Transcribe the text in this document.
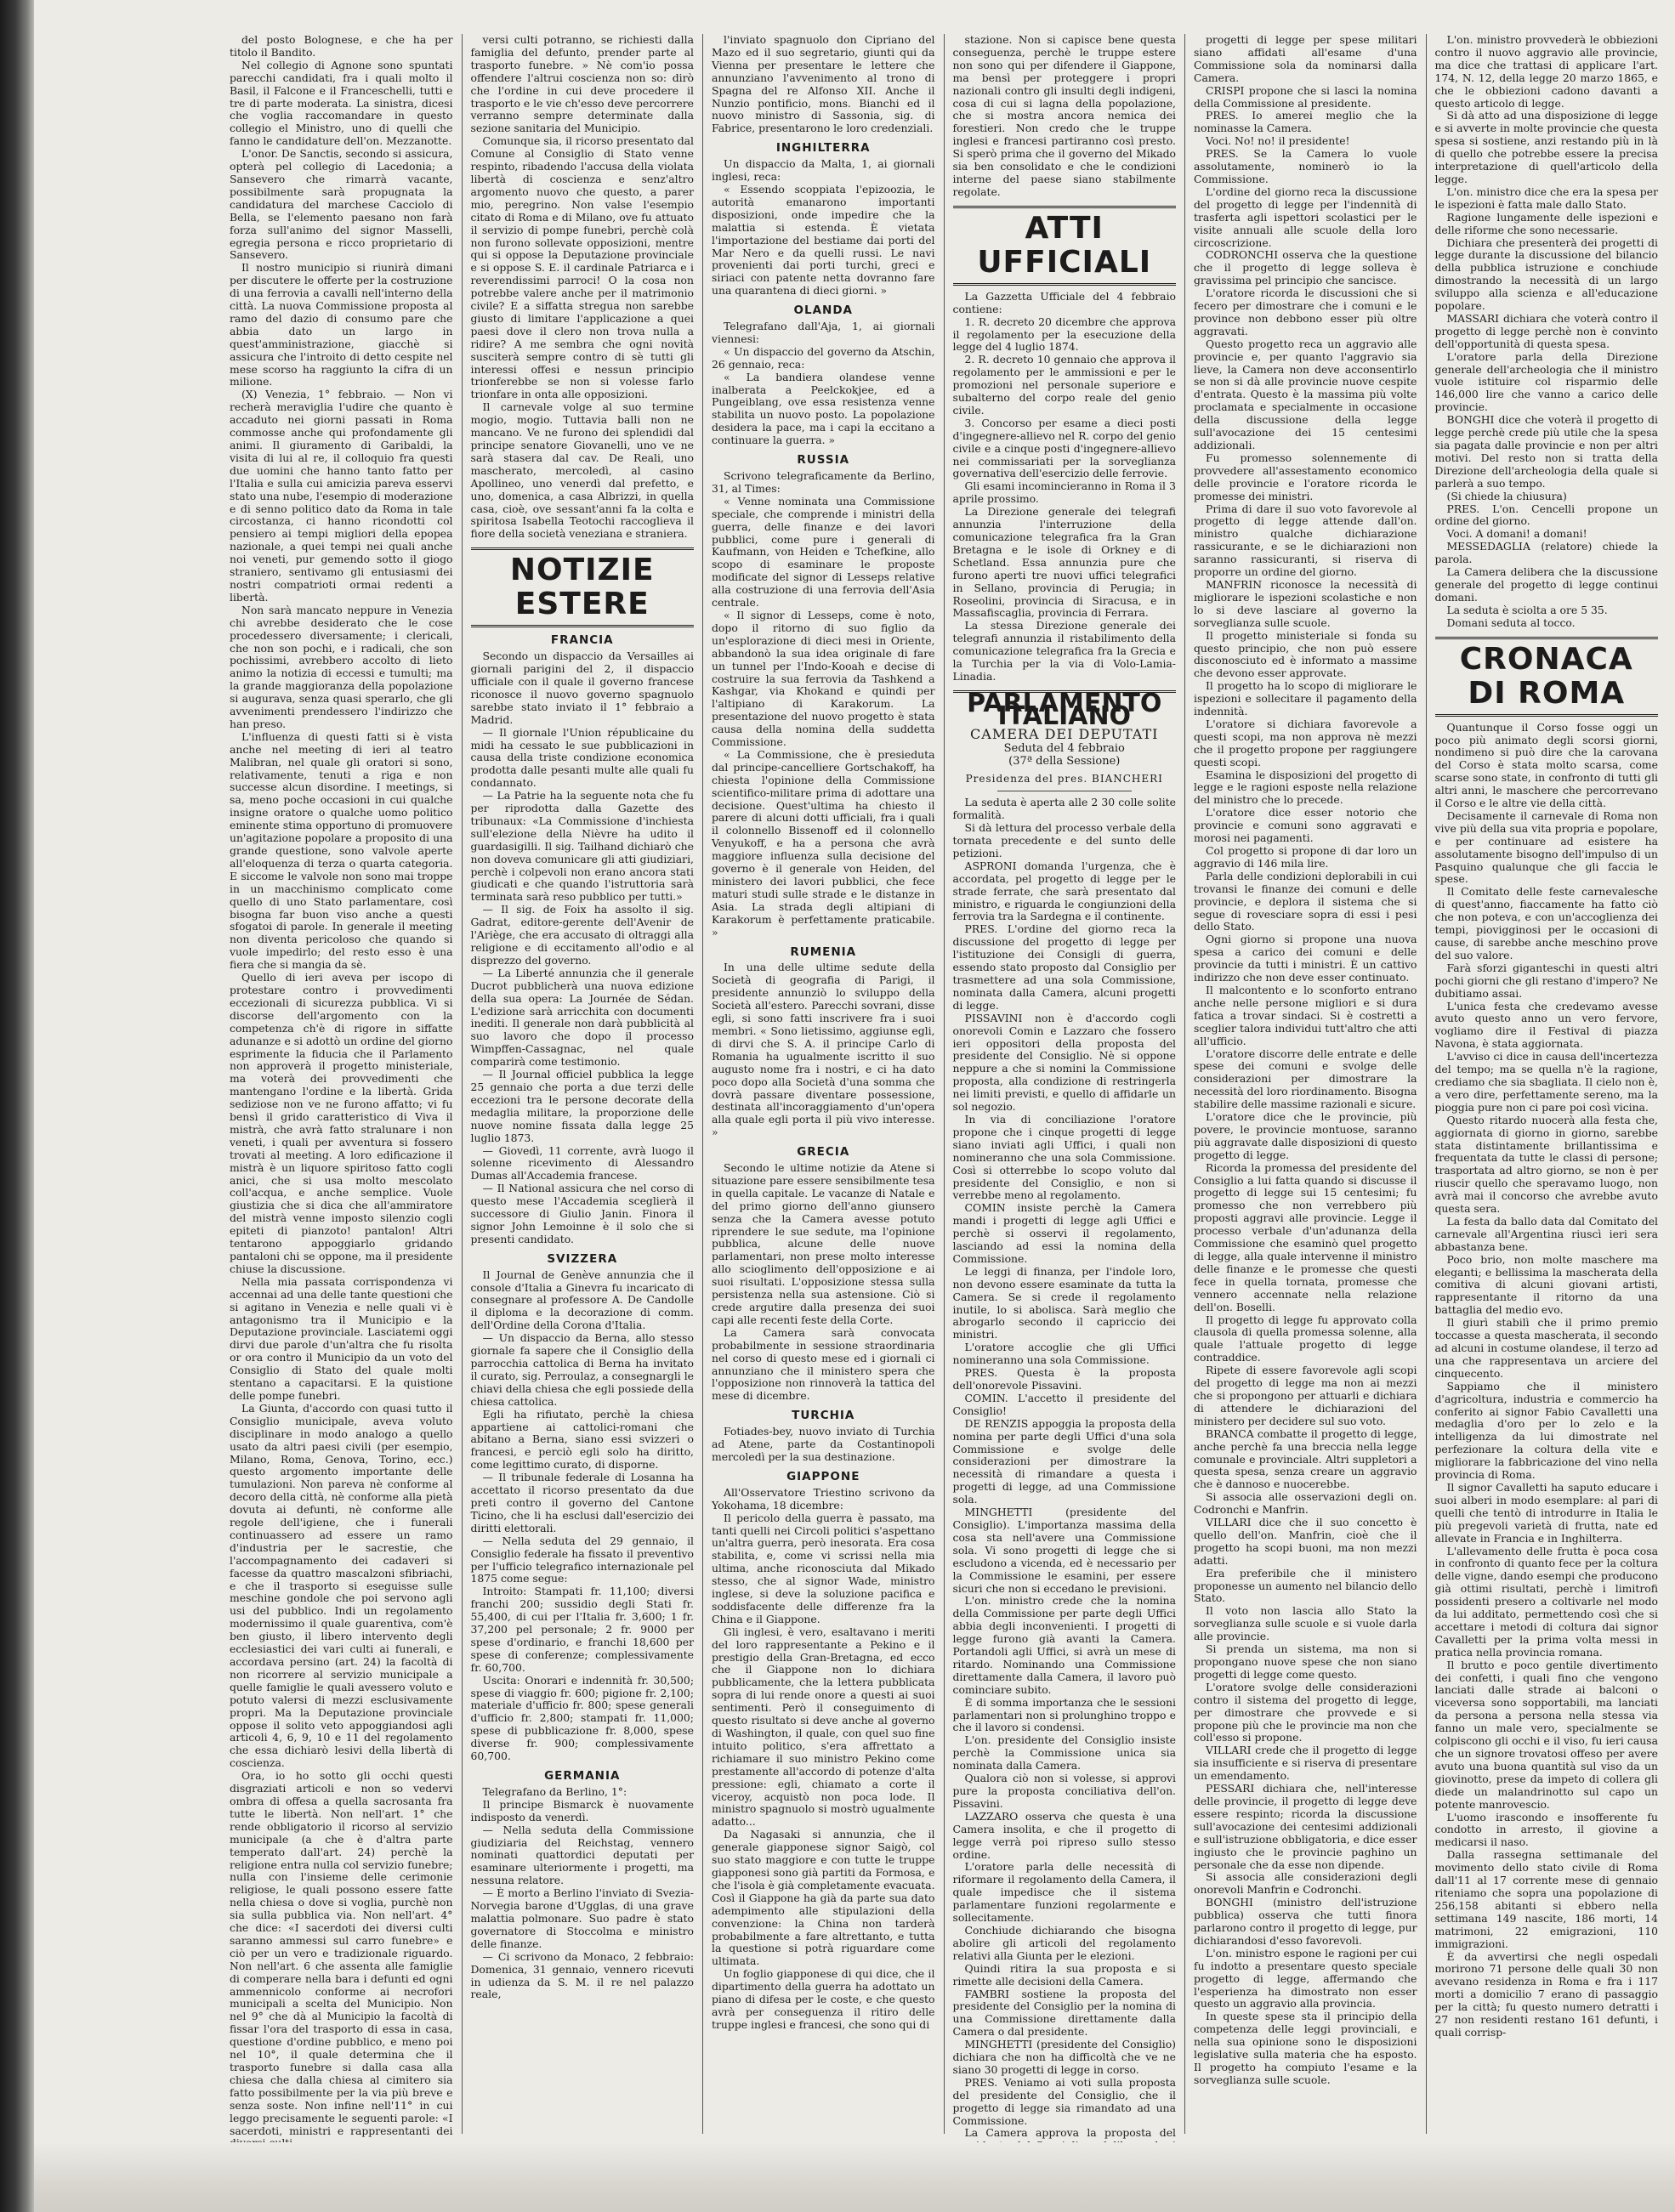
del posto Bolognese, e che ha per titolo il Bandito.

Nel collegio di Agnone sono spuntati parecchi candidati, fra i quali molto il Basil, il Falcone e il Franceschelli, tutti e tre di parte moderata. La sinistra, dicesi che voglia raccomandare in questo collegio el Ministro, uno di quelli che fanno le candidature dell'on. Mezzanotte.

L'onor. De Sanctis, secondo si assicura, opterà pel collegio di Lacedonia; a Sansevero che rimarrà vacante, possibilmente sarà propugnata la candidatura del marchese Cacciolo di Bella, se l'elemento paesano non farà forza sull'animo del signor Masselli, egregia persona e ricco proprietario di Sansevero.

Il nostro municipio si riunirà dimani per discutere le offerte per la costruzione di una ferrovia a cavalli nell'interno della città. La nuova Commissione proposta al ramo del dazio di consumo pare che abbia dato un largo in quest'amministrazione, giacchè si assicura che l'introito di detto cespite nel mese scorso ha raggiunto la cifra di un milione.

(X) Venezia, 1° febbraio. — Non vi recherà meraviglia l'udire che quanto è accaduto nei giorni passati in Roma commosse anche qui profondamente gli animi. Il giuramento di Garibaldi, la visita di lui al re, il colloquio fra questi due uomini che hanno tanto fatto per l'Italia e sulla cui amicizia pareva esservi stato una nube, l'esempio di moderazione e di senno politico dato da Roma in tale circostanza, ci hanno ricondotti col pensiero ai tempi migliori della epopea nazionale, a quei tempi nei quali anche noi veneti, pur gemendo sotto il giogo straniero, sentivamo gli entusiasmi dei nostri compatrioti ormai redenti a libertà.

Non sarà mancato neppure in Venezia chi avrebbe desiderato che le cose procedessero diversamente; i clericali, che non son pochi, e i radicali, che son pochissimi, avrebbero accolto di lieto animo la notizia di eccessi e tumulti; ma la grande maggioranza della popolazione si augurava, senza quasi sperarlo, che gli avvenimenti prendessero l'indirizzo che han preso.

L'influenza di questi fatti si è vista anche nel meeting di ieri al teatro Malibran, nel quale gli oratori si sono, relativamente, tenuti a riga e non successe alcun disordine. I meetings, si sa, meno poche occasioni in cui qualche insigne oratore o qualche uomo politico eminente stima opportuno di promuovere un'agitazione popolare a proposito di una grande questione, sono valvole aperte all'eloquenza di terza o quarta categoria. E siccome le valvole non sono mai troppe in un macchinismo complicato come quello di uno Stato parlamentare, così bisogna far buon viso anche a questi sfogatoi di parole. In generale il meeting non diventa pericoloso che quando si vuole impedirlo; del resto esso è una fiera che si mangia da sè.

Quello di ieri aveva per iscopo di protestare contro i provvedimenti eccezionali di sicurezza pubblica. Vi si discorse dell'argomento con la competenza ch'è di rigore in siffatte adunanze e si adottò un ordine del giorno esprimente la fiducia che il Parlamento non approverà il progetto ministeriale, ma voterà dei provvedimenti che mantengano l'ordine e la libertà. Grida sediziose non ve ne furono affatto; vi fu bensì il grido caratteristico di Viva il mistrà, che avrà fatto stralunare i non veneti, i quali per avventura si fossero trovati al meeting. A loro edificazione il mistrà è un liquore spiritoso fatto cogli anici, che si usa molto mescolato coll'acqua, e anche semplice. Vuole giustizia che si dica che all'ammiratore del mistrà venne imposto silenzio cogli epiteti di pianzoto! pantalon! Altri tentarono appoggiarlo gridando pantaloni chi se oppone, ma il presidente chiuse la discussione.

Nella mia passata corrispondenza vi accennai ad una delle tante questioni che si agitano in Venezia e nelle quali vi è antagonismo tra il Municipio e la Deputazione provinciale. Lasciatemi oggi dirvi due parole d'un'altra che fu risolta or ora contro il Municipio da un voto del Consiglio di Stato del quale molti stentano a capacitarsi. E la quistione delle pompe funebri.

La Giunta, d'accordo con quasi tutto il Consiglio municipale, aveva voluto disciplinare in modo analogo a quello usato da altri paesi civili (per esempio, Milano, Roma, Genova, Torino, ecc.) questo argomento importante delle tumulazioni. Non pareva nè conforme al decoro della città, nè conforme alla pietà dovuta ai defunti, nè conforme alle regole dell'igiene, che i funerali continuassero ad essere un ramo d'industria per le sacrestie, che l'accompagnamento dei cadaveri si facesse da quattro mascalzoni sfibriachi, e che il trasporto si eseguisse sulle meschine gondole che poi servono agli usi del pubblico. Indi un regolamento modernissimo il quale guarentiva, com'è ben giusto, il libero intervento degli ecclesiastici dei vari culti ai funerali, e accordava persino (art. 24) la facoltà di non ricorrere al servizio municipale a quelle famiglie le quali avessero voluto e potuto valersi di mezzi esclusivamente propri. Ma la Deputazione provinciale oppose il solito veto appoggiandosi agli articoli 4, 6, 9, 10 e 11 del regolamento che essa dichiarò lesivi della libertà di coscienza.

Ora, io ho sotto gli occhi questi disgraziati articoli e non so vedervi ombra di offesa a quella sacrosanta fra tutte le libertà. Non nell'art. 1° che rende obbligatorio il ricorso al servizio municipale (a che è d'altra parte temperato dall'art. 24) perchè la religione entra nulla col servizio funebre; nulla con l'insieme delle cerimonie religiose, le quali possono essere fatte nella chiesa o dove si voglia, purchè non sia sulla pubblica via. Non nell'art. 4° che dice: «I sacerdoti dei diversi culti saranno ammessi sul carro funebre» e ciò per un vero e tradizionale riguardo. Non nell'art. 6 che assenta alle famiglie di comperare nella bara i defunti ed ogni ammennicolo conforme ai necrofori municipali a scelta del Municipio. Non nel 9° che dà al Municipio la facoltà di fissar l'ora del trasporto di essa in casa, questione d'ordine pubblico, e meno poi nel 10°, il quale determina che il trasporto funebre si dalla casa alla chiesa che dalla chiesa al cimitero sia fatto possibilmente per la via più breve e senza soste. Non infine nell'11° in cui leggo precisamente le seguenti parole: «I sacerdoti, ministri e rappresentanti dei

versi culti potranno, se richiesti dalla famiglia del defunto, prender parte al trasporto funebre. » Nè com'io possa offendere l'altrui coscienza non so: dirò che l'ordine in cui deve procedere il trasporto e le vie ch'esso deve percorrere verranno sempre determinate dalla sezione sanitaria del Municipio.

Comunque sia, il ricorso presentato dal Comune al Consiglio di Stato venne respinto, ribadendo l'accusa della violata libertà di coscienza e senz'altro argomento nuovo che questo, a parer mio, peregrino. Non valse l'esempio citato di Roma e di Milano, ove fu attuato il servizio di pompe funebri, perchè colà non furono sollevate opposizioni, mentre qui si oppose la Deputazione provinciale e si oppose S. E. il cardinale Patriarca e i reverendissimi parroci! O la cosa non potrebbe valere anche per il matrimonio civile? E a siffatta stregua non sarebbe giusto di limitare l'applicazione a quei paesi dove il clero non trova nulla a ridire? A me sembra che ogni novità susciterà sempre contro di sè tutti gli interessi offesi e nessun principio trionferebbe se non si volesse farlo trionfare in onta alle opposizioni.

Il carnevale volge al suo termine mogio, mogio. Tuttavia balli non ne mancano. Ve ne furono dei splendidi dal principe senatore Giovanelli, uno ve ne sarà stasera dal cav. De Reali, uno mascherato, mercoledì, al casino Apollineo, uno venerdì dal prefetto, e uno, domenica, a casa Albrizzi, in quella casa, cioè, ove sessant'anni fa la colta e spiritosa Isabella Teotochi raccoglieva il fiore della società veneziana e straniera.

NOTIZIE ESTERE
FRANCIA

Secondo un dispaccio da Versailles ai giornali parigini del 2, il dispaccio ufficiale con il quale il governo francese riconosce il nuovo governo spagnuolo sarebbe stato inviato il 1° febbraio a Madrid.

— Il giornale l'Union républicaine du midi ha cessato le sue pubblicazioni in causa della triste condizione economica prodotta dalle pesanti multe alle quali fu condannato.

— La Patrie ha la seguente nota che fu per riprodotta dalla Gazette des tribunaux: «La Commissione d'inchiesta sull'elezione della Nièvre ha udito il guardasigilli. Il sig. Tailhand dichiarò che non doveva comunicare gli atti giudiziari, perchè i colpevoli non erano ancora stati giudicati e che quando l'istruttoria sarà terminata sarà reso pubblico per tutti.»

— Il sig. de Foix ha assolto il sig. Gadrat, editore-gerente dell'Avenir de l'Ariège, che era accusato di oltraggi alla religione e di eccitamento all'odio e al disprezzo del governo.

— La Liberté annunzia che il generale Ducrot pubblicherà una nuova edizione della sua opera: La Journée de Sédan. L'edizione sarà arricchita con documenti inediti. Il generale non darà pubblicità al suo lavoro che dopo il processo Wimpffen-Cassagnac, nel quale comparirà come testimonio.

— Il Journal officiel pubblica la legge 25 gennaio che porta a due terzi delle eccezioni tra le persone decorate della medaglia militare, la proporzione delle nuove nomine fissata dalla legge 25 luglio 1873.

— Giovedì, 11 corrente, avrà luogo il solenne ricevimento di Alessandro Dumas all'Accademia francese.

— Il National assicura che nel corso di questo mese l'Accademia sceglierà il successore di Giulio Janin. Finora il signor John Lemoinne è il solo che si presenti candidato.

SVIZZERA

Il Journal de Genève annunzia che il console d'Italia a Ginevra fu incaricato di consegnare al professore A. De Candolle il diploma e la decorazione di comm. dell'Ordine della Corona d'Italia.

— Un dispaccio da Berna, allo stesso giornale fa sapere che il Consiglio della parrocchia cattolica di Berna ha invitato il curato, sig. Perroulaz, a consegnargli le chiavi della chiesa che egli possiede della chiesa cattolica.

Egli ha rifiutato, perchè la chiesa appartiene ai cattolici-romani che abitano a Berna, siano essi svizzeri o francesi, e perciò egli solo ha diritto, come legittimo curato, di disporne.

— Il tribunale federale di Losanna ha accettato il ricorso presentato da due preti contro il governo del Cantone Ticino, che li ha esclusi dall'esercizio dei diritti elettorali.

— Nella seduta del 29 gennaio, il Consiglio federale ha fissato il preventivo per l'ufficio telegrafico internazionale pel 1875 come segue:

Introito: Stampati fr. 11,100; diversi franchi 200; sussidio degli Stati fr. 55,400, di cui per l'Italia fr. 3,600; 1 fr. 37,200 pel personale; 2 fr. 9000 per spese d'ordinario, e franchi 18,600 per spese di conferenze; complessivamente fr. 60,700.

Uscita: Onorari e indennità fr. 30,500; spese di viaggio fr. 600; pigione fr. 2,100; materiale d'ufficio fr. 800; spese generali d'ufficio fr. 2,800; stampati fr. 11,000; spese di pubblicazione fr. 8,000, spese diverse fr. 900; complessivamente 60,700.

GERMANIA

Telegrafano da Berlino, 1°:

Il principe Bismarck è nuovamente indisposto da venerdì.

— Nella seduta della Commissione giudiziaria del Reichstag, vennero nominati quattordici deputati per esaminare ulteriormente i progetti, ma nessuna relatore.

— È morto a Berlino l'inviato di Svezia-Norvegia barone d'Ugglas, di una grave malattia polmonare. Suo padre è stato governatore di Stoccolma e ministro delle finanze.

— Ci scrivono da Monaco, 2 febbraio: Domenica, 31 gennaio, vennero ricevuti in udienza da S. M. il re nel palazzo reale,

l'inviato spagnuolo don Cipriano del Mazo ed il suo segretario, giunti qui da Vienna per presentare le lettere che annunziano l'avvenimento al trono di Spagna del re Alfonso XII. Anche il Nunzio pontificio, mons. Bianchi ed il nuovo ministro di Sassonia, sig. di Fabrice, presentarono le loro credenziali.

INGHILTERRA

Un dispaccio da Malta, 1, ai giornali inglesi, reca:

« Essendo scoppiata l'epizoozia, le autorità emanarono importanti disposizioni, onde impedire che la malattia si estenda. È vietata l'importazione del bestiame dai porti del Mar Nero e da quelli russi. Le navi provenienti dai porti turchi, greci e siriaci con patente netta dovranno fare una quarantena di dieci giorni. »

OLANDA

Telegrafano dall'Aja, 1, ai giornali viennesi:

« Un dispaccio del governo da Atschin, 26 gennaio, reca:

« La bandiera olandese venne inalberata a Peelckokjee, ed a Pungeiblang, ove essa resistenza venne stabilita un nuovo posto. La popolazione desidera la pace, ma i capi la eccitano a continuare la guerra. »

RUSSIA

Scrivono telegraficamente da Berlino, 31, al Times:

« Venne nominata una Commissione speciale, che comprende i ministri della guerra, delle finanze e dei lavori pubblici, come pure i generali di Kaufmann, von Heiden e Tchefkine, allo scopo di esaminare le proposte modificate del signor di Lesseps relative alla costruzione di una ferrovia dell'Asia centrale.

« Il signor di Lesseps, come è noto, dopo il ritorno di suo figlio da un'esplorazione di dieci mesi in Oriente, abbandonò la sua idea originale di fare un tunnel per l'Indo-Kooah e decise di costruire la sua ferrovia da Tashkend a Kashgar, via Khokand e quindi per l'altipiano di Karakorum. La presentazione del nuovo progetto è stata causa della nomina della suddetta Commissione.

« La Commissione, che è presieduta dal principe-cancelliere Gortschakoff, ha chiesta l'opinione della Commissione scientifico-militare prima di adottare una decisione. Quest'ultima ha chiesto il parere di alcuni dotti ufficiali, fra i quali il colonnello Bissenoff ed il colonnello Venyukoff, e ha a persona che avrà maggiore influenza sulla decisione del governo è il generale von Heiden, del ministero dei lavori pubblici, che fece maturi studi sulle strade e le distanze in Asia. La strada degli altipiani di Karakorum è perfettamente praticabile. »

RUMENIA

In una delle ultime sedute della Società di geografia di Parigi, il presidente annunziò lo sviluppo della Società all'estero. Parecchi sovrani, disse egli, si sono fatti inscrivere fra i suoi membri. « Sono lietissimo, aggiunse egli, di dirvi che S. A. il principe Carlo di Romania ha ugualmente iscritto il suo augusto nome fra i nostri, e ci ha dato poco dopo alla Società d'una somma che dovrà passare diventare possessione, destinata all'incoraggiamento d'un'opera alla quale egli porta il più vivo interesse. »

GRECIA

Secondo le ultime notizie da Atene si situazione pare essere sensibilmente tesa in quella capitale. Le vacanze di Natale e del primo giorno dell'anno giunsero senza che la Camera avesse potuto riprendere le sue sedute, ma l'opinione pubblica, alcune delle nuove parlamentari, non prese molto interesse allo scioglimento dell'opposizione e ai suoi risultati. L'opposizione stessa sulla persistenza nella sua astensione. Ciò si crede argutire dalla presenza dei suoi capi alle recenti feste della Corte.

La Camera sarà convocata probabilmente in sessione straordinaria nel corso di questo mese ed i giornali ci annunziano che il ministero spera che l'opposizione non rinnoverà la tattica del mese di dicembre.

TURCHIA

Fotiades-bey, nuovo inviato di Turchia ad Atene, parte da Costantinopoli mercoledì per la sua destinazione.

GIAPPONE

All'Osservatore Triestino scrivono da Yokohama, 18 dicembre:

Il pericolo della guerra è passato, ma tanti quelli nei Circoli politici s'aspettano un'altra guerra, però inesorata. Era cosa stabilita, e, come vi scrissi nella mia ultima, anche riconosciuta dal Mikado stesso, che al signor Wade, ministro inglese, si deve la soluzione pacifica e soddisfacente delle differenze fra la China e il Giappone.

Gli inglesi, è vero, esaltavano i meriti del loro rappresentante a Pekino e il prestigio della Gran-Bretagna, ed ecco che il Giappone non lo dichiara pubblicamente, che la lettera pubblicata sopra di lui rende onore a questi ai suoi sentimenti. Però il conseguimento di questo risultato si deve anche al governo di Washington, il quale, con quel suo fine intuito politico, s'era affrettato a richiamare il suo ministro Pekino come prestamente all'accordo di potenze d'alta pressione: egli, chiamato a corte il viceroy, acquistò non poca lode. Il ministro spagnuolo si mostrò ugualmente adatto...

Da Nagasaki si annunzia, che il generale giapponese signor Saigò, col suo stato maggiore e con tutte le truppe giapponesi sono già partiti da Formosa, e che l'isola è già completamente evacuata. Così il Giappone ha già da parte sua dato adempimento alle stipulazioni della convenzione: la China non tarderà probabilmente a fare altrettanto, e tutta la questione si potrà riguardare come ultimata.

Un foglio giapponese di qui dice, che il dipartimento della guerra ha adottato un piano di difesa per le coste, e che questo avrà per conseguenza il ritiro delle truppe inglesi e francesi, che sono qui di

stazione. Non si capisce bene questa conseguenza, perchè le truppe estere non sono qui per difendere il Giappone, ma bensì per proteggere i propri nazionali contro gli insulti degli indigeni, cosa di cui si lagna della popolazione, che si mostra ancora nemica dei forestieri. Non credo che le truppe inglesi e francesi partiranno così presto. Si sperò prima che il governo del Mikado sia ben consolidato e che le condizioni interne del paese siano stabilmente regolate.

ATTI UFFICIALI

La Gazzetta Ufficiale del 4 febbraio contiene:

1. R. decreto 20 dicembre che approva il regolamento per la esecuzione della legge del 4 luglio 1874.

2. R. decreto 10 gennaio che approva il regolamento per le ammissioni e per le promozioni nel personale superiore e subalterno del corpo reale del genio civile.

3. Concorso per esame a dieci posti d'ingegnere-allievo nel R. corpo del genio civile e a cinque posti d'ingegnere-allievo nei commissariati per la sorveglianza governativa dell'esercizio delle ferrovie.

Gli esami incomincieranno in Roma il 3 aprile prossimo.

La Direzione generale dei telegrafi annunzia l'interruzione della comunicazione telegrafica fra la Gran Bretagna e le isole di Orkney e di Schetland. Essa annunzia pure che furono aperti tre nuovi uffici telegrafici in Sellano, provincia di Perugia; in Roseolini, provincia di Siracusa, e in Massafiscaglia, provincia di Ferrara.

La stessa Direzione generale dei telegrafi annunzia il ristabilimento della comunicazione telegrafica fra la Grecia e la Turchia per la via di Volo-Lamia-Linadia.

PARLAMENTO ITALIANO
CAMERA DEI DEPUTATI
Seduta del 4 febbraio
(37ª della Sessione)
Presidenza del pres. BIANCHERI

La seduta è aperta alle 2 30 colle solite formalità.

Si dà lettura del processo verbale della tornata precedente e del sunto delle petizioni.

ASPRONI domanda l'urgenza, che è accordata, pel progetto di legge per le strade ferrate, che sarà presentato dal ministro, e riguarda le congiunzioni della ferrovia tra la Sardegna e il continente.

PRES. L'ordine del giorno reca la discussione del progetto di legge per l'istituzione dei Consigli di guerra, essendo stato proposto dal Consiglio per trasmettere ad una sola Commissione, nominata dalla Camera, alcuni progetti di legge.

PISSAVINI non è d'accordo cogli onorevoli Comin e Lazzaro che fossero ieri oppositori della proposta del presidente del Consiglio. Nè si oppone neppure a che si nomini la Commissione proposta, alla condizione di restringerla nei limiti previsti, e quello di affidarle un sol negozio.

In via di conciliazione l'oratore propone che i cinque progetti di legge siano inviati agli Uffici, i quali non nomineranno che una sola Commissione. Così si otterrebbe lo scopo voluto dal presidente del Consiglio, e non si verrebbe meno al regolamento.

COMIN insiste perchè la Camera mandi i progetti di legge agli Uffici e perchè si osservi il regolamento, lasciando ad essi la nomina della Commissione.

Le leggi di finanza, per l'indole loro, non devono essere esaminate da tutta la Camera. Se si crede il regolamento inutile, lo si abolisca. Sarà meglio che abrogarlo secondo il capriccio dei ministri.

L'oratore accoglie che gli Uffici nomineranno una sola Commissione.

PRES. Questa è la proposta dell'onorevole Pissavini.

COMIN. L'accetto il presidente del Consiglio!

DE RENZIS appoggia la proposta della nomina per parte degli Uffici d'una sola Commissione e svolge delle considerazioni per dimostrare la necessità di rimandare a questa i progetti di legge, ad una Commissione sola.

MINGHETTI (presidente del Consiglio). L'importanza massima della cosa sta nell'avere una Commissione sola. Vi sono progetti di legge che si escludono a vicenda, ed è necessario per la Commissione le esamini, per essere sicuri che non si eccedano le previsioni.

L'on. ministro crede che la nomina della Commissione per parte degli Uffici abbia degli inconvenienti. I progetti di legge furono già avanti la Camera. Portandoli agli Uffici, si avrà un mese di ritardo. Nominando una Commissione direttamente dalla Camera, il lavoro può cominciare subito.

È di somma importanza che le sessioni parlamentari non si prolunghino troppo e che il lavoro si condensi.

L'on. presidente del Consiglio insiste perchè la Commissione unica sia nominata dalla Camera.

Qualora ciò non si volesse, si approvi pure la proposta conciliativa dell'on. Pissavini.

LAZZARO osserva che questa è una Camera insolita, e che il progetto di legge verrà poi ripreso sullo stesso ordine.

L'oratore parla delle necessità di riformare il regolamento della Camera, il quale impedisce che il sistema parlamentare funzioni regolarmente e sollecitamente.

Conchiude dichiarando che bisogna abolire gli articoli del regolamento relativi alla Giunta per le elezioni.

Quindi ritira la sua proposta e si rimette alle decisioni della Camera.

FAMBRI sostiene la proposta del presidente del Consiglio per la nomina di una Commissione direttamente dalla Camera o dal presidente.

MINGHETTI (presidente del Consiglio) dichiara che non ha difficoltà che ve ne siano 30 progetti di legge in corso.

PRES. Veniamo ai voti sulla proposta del presidente del Consiglio, che il progetto di legge sia rimandato ad una Commissione.

La Camera approva la proposta del

progetti di legge per spese militari siano affidati all'esame d'una Commissione sola da nominarsi dalla Camera.

CRISPI propone che si lasci la nomina della Commissione al presidente.

PRES. Io amerei meglio che la nominasse la Camera.

Voci. No! no! il presidente!

PRES. Se la Camera lo vuole assolutamente, nominerò io la Commissione.

L'ordine del giorno reca la discussione del progetto di legge per l'indennità di trasferta agli ispettori scolastici per le visite annuali alle scuole della loro circoscrizione.

CODRONCHI osserva che la questione che il progetto di legge solleva è gravissima pel principio che sancisce.

L'oratore ricorda le discussioni che si fecero per dimostrare che i comuni e le province non debbono esser più oltre aggravati.

Questo progetto reca un aggravio alle provincie e, per quanto l'aggravio sia lieve, la Camera non deve acconsentirlo se non si dà alle provincie nuove cespite d'entrata. Questo è la massima più volte proclamata e specialmente in occasione della discussione della legge sull'avocazione dei 15 centesimi addizionali.

Fu promesso solennemente di provvedere all'assestamento economico delle provincie e l'oratore ricorda le promesse dei ministri.

Prima di dare il suo voto favorevole al progetto di legge attende dall'on. ministro qualche dichiarazione rassicurante, e se le dichiarazioni non saranno rassicuranti, si riserva di proporre un ordine del giorno.

MANFRIN riconosce la necessità di migliorare le ispezioni scolastiche e non lo si deve lasciare al governo la sorveglianza sulle scuole.

Il progetto ministeriale si fonda su questo principio, che non può essere disconosciuto ed è informato a massime che devono esser approvate.

Il progetto ha lo scopo di migliorare le ispezioni e sollecitare il pagamento della indennità.

L'oratore si dichiara favorevole a questi scopi, ma non approva nè mezzi che il progetto propone per raggiungere questi scopi.

Esamina le disposizioni del progetto di legge e le ragioni esposte nella relazione del ministro che lo precede.

L'oratore dice esser notorio che provincie e comuni sono aggravati e morosi nei pagamenti.

Col progetto si propone di dar loro un aggravio di 146 mila lire.

Parla delle condizioni deplorabili in cui trovansi le finanze dei comuni e delle provincie, e deplora il sistema che si segue di rovesciare sopra di essi i pesi dello Stato.

Ogni giorno si propone una nuova spesa a carico dei comuni e delle provincie da tutti i ministri. È un cattivo indirizzo che non deve esser continuato.

Il malcontento e lo sconforto entrano anche nelle persone migliori e si dura fatica a trovar sindaci. Si è costretti a sceglier talora individui tutt'altro che atti all'ufficio.

L'oratore discorre delle entrate e delle spese dei comuni e svolge delle considerazioni per dimostrare la necessità del loro riordinamento. Bisogna stabilire delle massime razionali e sicure.

L'oratore dice che le provincie, più povere, le provincie montuose, saranno più aggravate dalle disposizioni di questo progetto di legge.

Ricorda la promessa del presidente del Consiglio a lui fatta quando si discusse il progetto di legge sui 15 centesimi; fu promesso che non verrebbero più proposti aggravi alle provincie. Legge il processo verbale d'un'adunanza della Commissione che esaminò quel progetto di legge, alla quale intervenne il ministro delle finanze e le promesse che questi fece in quella tornata, promesse che vennero accennate nella relazione dell'on. Boselli.

Il progetto di legge fu approvato colla clausola di quella promessa solenne, alla quale l'attuale progetto di legge contraddice.

Ripete di essere favorevole agli scopi del progetto di legge ma non ai mezzi che si propongono per attuarli e dichiara di attendere le dichiarazioni del ministero per decidere sul suo voto.

BRANCA combatte il progetto di legge, anche perchè fa una breccia nella legge comunale e provinciale. Altri suppletori a questa spesa, senza creare un aggravio che è dannoso e nuocerebbe.

Si associa alle osservazioni degli on. Codronchi e Manfrin.

VILLARI dice che il suo concetto è quello dell'on. Manfrin, cioè che il progetto ha scopi buoni, ma non mezzi adatti.

Era preferibile che il ministero proponesse un aumento nel bilancio dello Stato.

Il voto non lascia allo Stato la sorveglianza sulle scuole e si vuole darla alle provincie.

Si prenda un sistema, ma non si propongano nuove spese che non siano progetti di legge come questo.

L'oratore svolge delle considerazioni contro il sistema del progetto di legge, per dimostrare che provvede e si propone più che le provincie ma non che coll'esso si propone.

VILLARI crede che il progetto di legge sia insufficiente e si riserva di presentare un emendamento.

PESSARI dichiara che, nell'interesse delle provincie, il progetto di legge deve essere respinto; ricorda la discussione sull'avocazione dei centesimi addizionali e sull'istruzione obbligatoria, e dice esser ingiusto che le provincie paghino un personale che da esse non dipende.

Si associa alle considerazioni degli onorevoli Manfrin e Codronchi.

BONGHI (ministro dell'istruzione pubblica) osserva che tutti finora parlarono contro il progetto di legge, pur dichiarandosi d'esso favorevoli.

L'on. ministro espone le ragioni per cui fu indotto a presentare questo speciale progetto di legge, affermando che l'esperienza ha dimostrato non esser questo un aggravio alla provincia.

In queste spese sta il principio della competenza delle leggi provinciali, e nella sua opinione sono le disposizioni legislative sulla materia che ha esposto. Il progetto ha compiuto l'esame e la sorveglianza sulle scuole.

L'on. ministro provvederà le obbiezioni contro il nuovo aggravio alle provincie, ma dice che trattasi di applicare l'art. 174, N. 12, della legge 20 marzo 1865, e che le obbiezioni cadono davanti a questo articolo di legge.

Si dà atto ad una disposizione di legge e si avverte in molte provincie che questa spesa si sostiene, anzi restando più in là di quello che potrebbe essere la precisa interpretazione di quell'articolo della legge.

L'on. ministro dice che era la spesa per le ispezioni è fatta male dallo Stato.

Ragione lungamente delle ispezioni e delle riforme che sono necessarie.

Dichiara che presenterà dei progetti di legge durante la discussione del bilancio della pubblica istruzione e conchiude dimostrando la necessità di un largo sviluppo alla scienza e all'educazione popolare.

MASSARI dichiara che voterà contro il progetto di legge perchè non è convinto dell'opportunità di questa spesa.

L'oratore parla della Direzione generale dell'archeologia che il ministro vuole istituire col risparmio delle 146,000 lire che vanno a carico delle provincie.

BONGHI dice che voterà il progetto di legge perchè crede più utile che la spesa sia pagata dalle provincie e non per altri motivi. Del resto non si tratta della Direzione dell'archeologia della quale si parlerà a suo tempo.

(Si chiede la chiusura)

PRES. L'on. Cencelli propone un ordine del giorno.

Voci. A domani! a domani!

MESSEDAGLIA (relatore) chiede la parola.

La Camera delibera che la discussione generale del progetto di legge continui domani.

La seduta è sciolta a ore 5 35.

Domani seduta al tocco.

CRONACA DI ROMA

Quantunque il Corso fosse oggi un poco più animato degli scorsi giorni, nondimeno si può dire che la carovana del Corso è stata molto scarsa, come scarse sono state, in confronto di tutti gli altri anni, le maschere che percorrevano il Corso e le altre vie della città.

Decisamente il carnevale di Roma non vive più della sua vita propria e popolare, e per continuare ad esistere ha assolutamente bisogno dell'impulso di un Pasquino qualunque che gli faccia le spese.

Il Comitato delle feste carnevalesche di quest'anno, fiaccamente ha fatto ciò che non poteva, e con un'accoglienza dei tempi, piovigginosi per le occasioni di cause, di sarebbe anche meschino prove del suo valore.

Farà sforzi giganteschi in questi altri pochi giorni che gli restano d'impero? Ne dubitiamo assai.

L'unica festa che credevamo avesse avuto questo anno un vero fervore, vogliamo dire il Festival di piazza Navona, è stata aggiornata.

L'avviso ci dice in causa dell'incertezza del tempo; ma se quella n'è la ragione, crediamo che sia sbagliata. Il cielo non è, a vero dire, perfettamente sereno, ma la pioggia pure non ci pare poi così vicina.

Questo ritardo nuocerà alla festa che, aggiornata di giorno in giorno, sarebbe stata distintamente brillantissima e frequentata da tutte le classi di persone; trasportata ad altro giorno, se non è per riuscir quello che speravamo luogo, non avrà mai il concorso che avrebbe avuto questa sera.

La festa da ballo data dal Comitato del carnevale all'Argentina riuscì ieri sera abbastanza bene.

Poco brio, non molte maschere ma eleganti; e bellissima la mascherata della comitiva di alcuni giovani artisti, rappresentante il ritorno da una battaglia del medio evo.

Il giurì stabilì che il primo premio toccasse a questa mascherata, il secondo ad alcuni in costume olandese, il terzo ad una che rappresentava un arciere del cinquecento.

Sappiamo che il ministero d'agricoltura, industria e commercio ha conferito ai signor Fabio Cavalletti una medaglia d'oro per lo zelo e la intelligenza da lui dimostrate nel perfezionare la coltura della vite e migliorare la fabbricazione del vino nella provincia di Roma.

Il signor Cavalletti ha saputo educare i suoi alberi in modo esemplare: al pari di quelli che tentò di introdurre in Italia le più pregevoli varietà di frutta, nate ed allevate in Francia e in Inghilterra.

L'allevamento delle frutta è poca cosa in confronto di quanto fece per la coltura delle vigne, dando esempi che producono già ottimi risultati, perchè i limitrofi possidenti presero a coltivarle nel modo da lui additato, permettendo così che si accettare i metodi di coltura dai signor Cavalletti per la prima volta messi in pratica nella provincia romana.

Il brutto e poco gentile divertimento dei confetti, i quali fino che vengono lanciati dalle strade ai balconi o viceversa sono sopportabili, ma lanciati da persona a persona nella stessa via fanno un male vero, specialmente se colpiscono gli occhi e il viso, fu ieri causa che un signore trovatosi offeso per avere avuto una buona quantità sul viso da un giovinotto, prese da impeto di collera gli diede un malandrinotto sul capo un potente manrovescio.

L'uomo irascondo e insofferente fu condotto in arresto, il giovine a medicarsi il naso.

Dalla rassegna settimanale del movimento dello stato civile di Roma dall'11 al 17 corrente mese di gennaio riteniamo che sopra una popolazione di 256,158 abitanti si ebbero nella settimana 149 nascite, 186 morti, 14 matrimoni, 22 emigrazioni, 110 immigrazioni.

È da avvertirsi che negli ospedali morirono 71 persone delle quali 30 non avevano residenza in Roma e fra i 117 morti a domicilio 7 erano di passaggio per la città; fu questo numero detratti i 27 non residenti restano 161 defunti, i quali corrisp-
